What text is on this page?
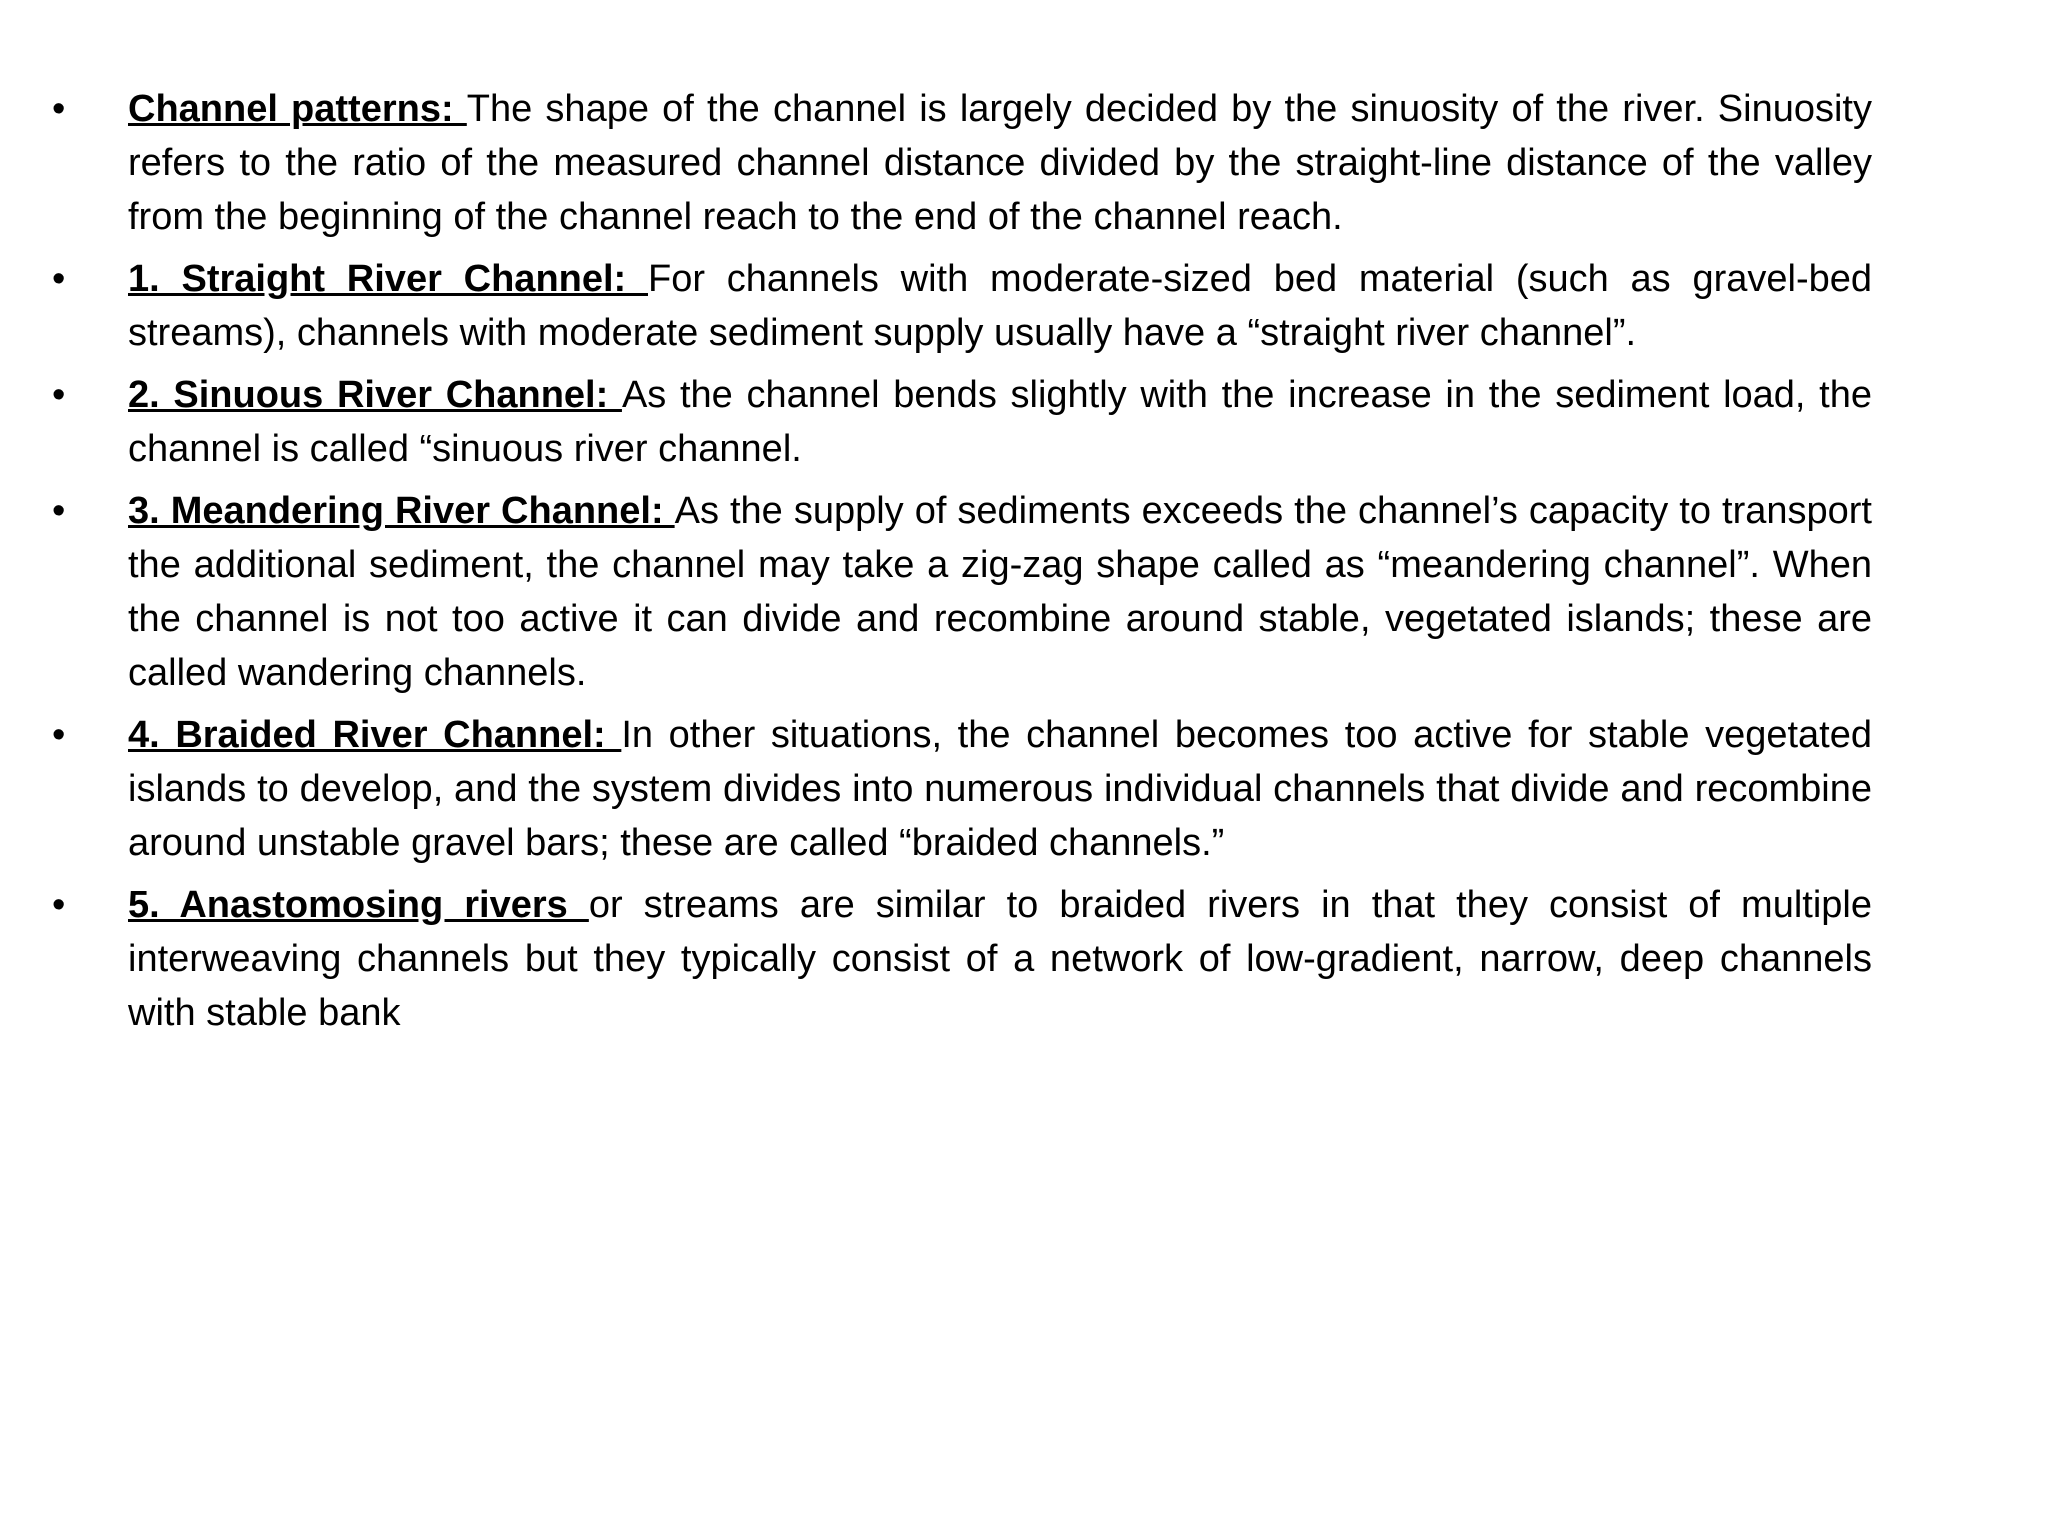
•	Channel patterns: The shape of the channel is largely decided by the sinuosity of the river. Sinuosity refers to the ratio of the measured channel distance divided by the straight-line distance of the valley from the beginning of the channel reach to the end of the channel reach.
•	1. Straight River Channel: For channels with moderate-sized bed material (such as gravel-bed streams), channels with moderate sediment supply usually have a “straight river channel”.
•	2. Sinuous River Channel: As the channel bends slightly with the increase in the sediment load, the channel is called “sinuous river channel.
•	3. Meandering River Channel: As the supply of sediments exceeds the channel’s capacity to transport the additional sediment, the channel may take a zig-zag shape called as “meandering channel”. When the channel is not too active it can divide and recombine around stable, vegetated islands; these are called wandering channels.
•	4. Braided River Channel: In other situations, the channel becomes too active for stable vegetated islands to develop, and the system divides into numerous individual channels that divide and recombine around unstable gravel bars; these are called “braided channels.”
•	5. Anastomosing rivers or streams are similar to braided rivers in that they consist of multiple interweaving channels but they typically consist of a network of low-gradient, narrow, deep channels with stable bank
